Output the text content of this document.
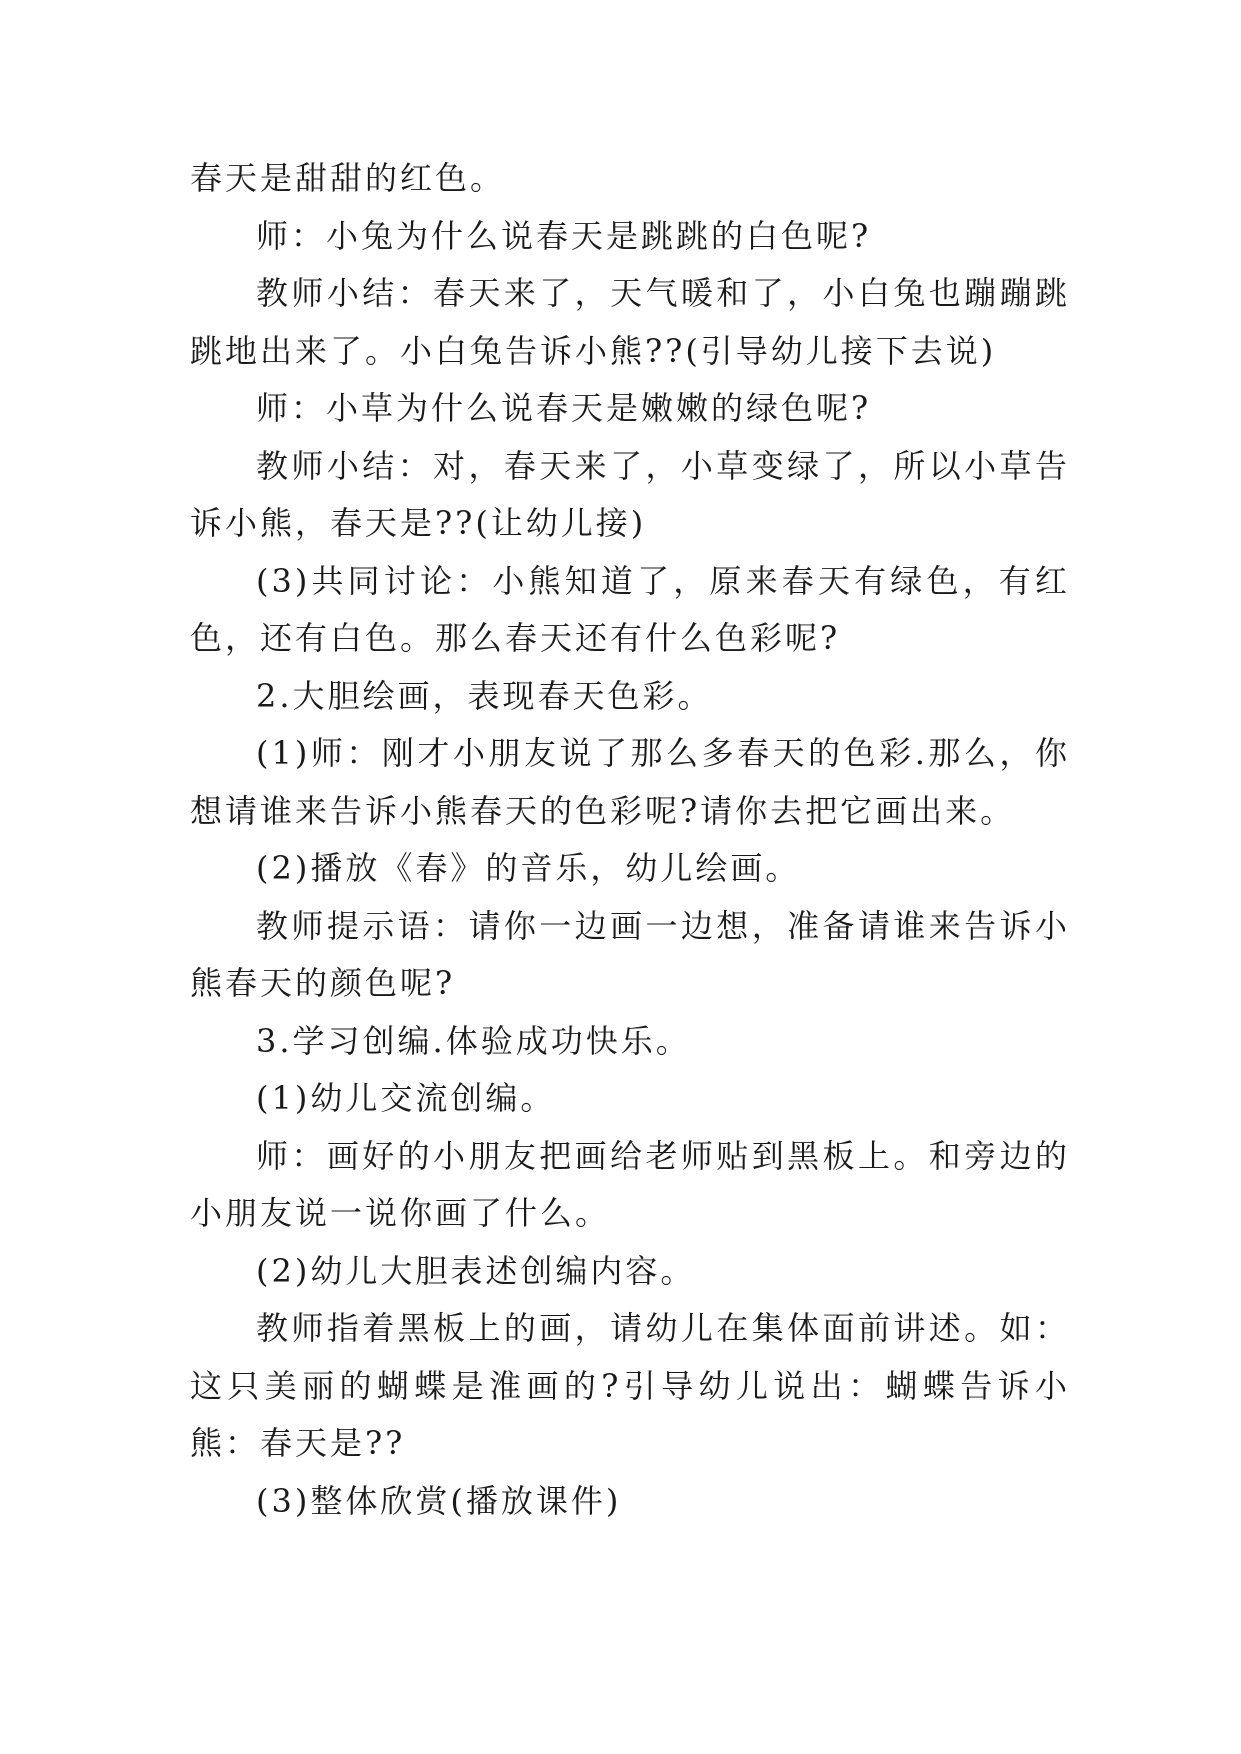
春天是甜甜的红色。

师：小兔为什么说春天是跳跳的白色呢?

教师小结：春天来了，天气暖和了，小白兔也蹦蹦跳跳地出来了。小白兔告诉小熊??(引导幼儿接下去说)

师：小草为什么说春天是嫩嫩的绿色呢?

教师小结：对，春天来了，小草变绿了，所以小草告诉小熊，春天是??(让幼儿接)

(3)共同讨论：小熊知道了，原来春天有绿色，有红色，还有白色。那么春天还有什么色彩呢?

2.大胆绘画，表现春天色彩。

(1)师：刚才小朋友说了那么多春天的色彩.那么，你想请谁来告诉小熊春天的色彩呢?请你去把它画出来。

(2)播放《春》的音乐，幼儿绘画。

教师提示语：请你一边画一边想，准备请谁来告诉小熊春天的颜色呢?

3.学习创编.体验成功快乐。

(1)幼儿交流创编。

师：画好的小朋友把画给老师贴到黑板上。和旁边的小朋友说一说你画了什么。

(2)幼儿大胆表述创编内容。

教师指着黑板上的画，请幼儿在集体面前讲述。如：这只美丽的蝴蝶是淮画的?引导幼儿说出：蝴蝶告诉小熊：春天是??

(3)整体欣赏(播放课件)
